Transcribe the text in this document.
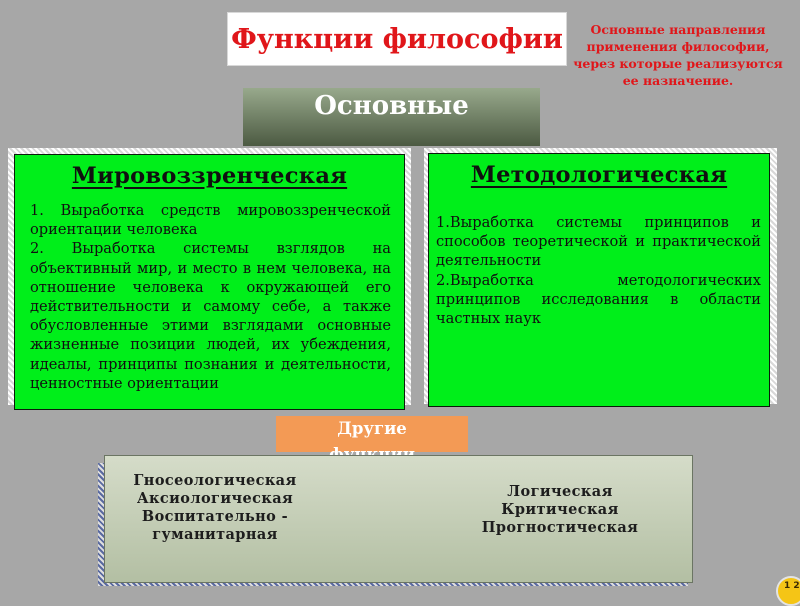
Функции философии	Основные направления применения философии, через которые реализуются ее назначение.
Основные
Мировоззренческая
1. Выработка средств мировоззренческой ориентации человека
2. Выработка системы взглядов на объективный мир, и место в нем человека, на отношение человека к окружающей его действительности и самому себе, а также обусловленные этими взглядами основные жизненные позиции людей, их убеждения, идеалы, принципы познания и деятельности, ценностные ориентации
Методологическая
1.Выработка системы принципов и способов теоретической и практической деятельности
2.Выработка методологических принципов исследования в области частных наук
Другие
Гносеологическая
Аксиологическая
Воспитательно - гуманитарная
Логическая
Критическая
Прогностическая
1 2
